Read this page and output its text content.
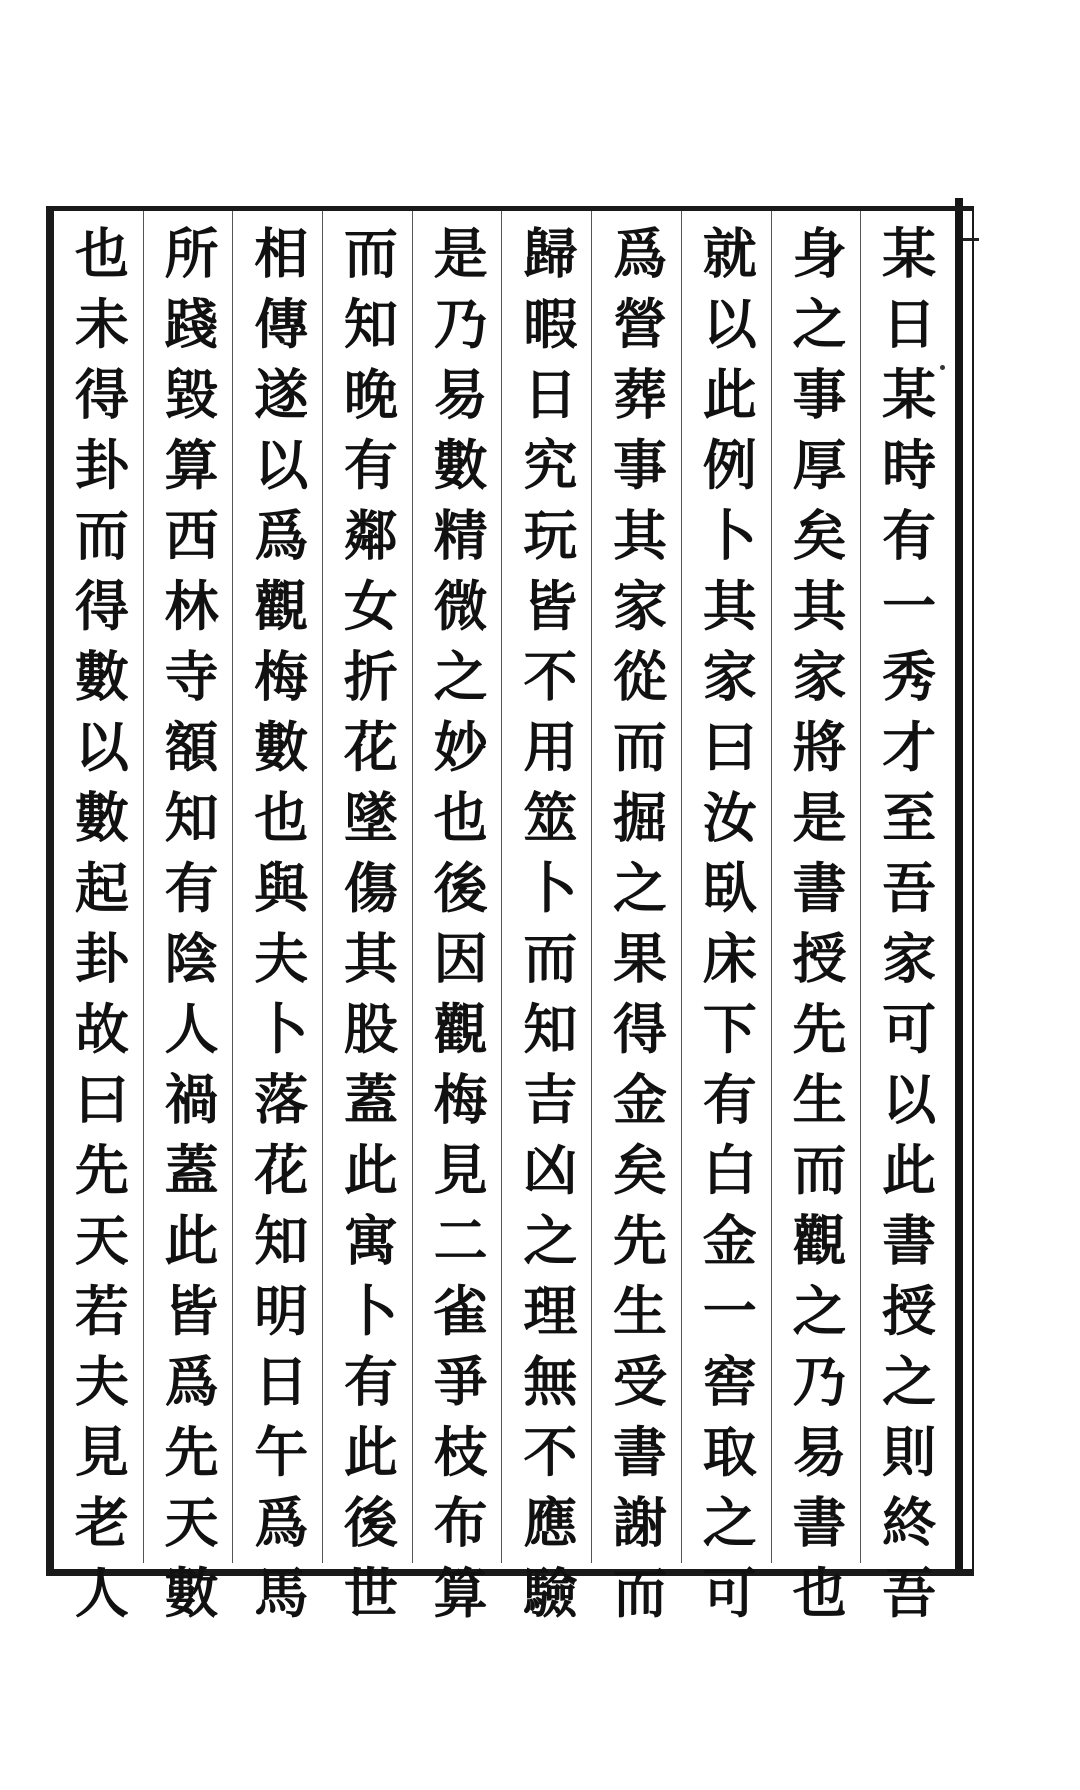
某日某時有一秀才至吾家可以此書授之則終吾
身之事厚矣其家將是書授先生而觀之乃易書也
就以此例卜其家曰汝臥床下有白金一窖取之可
爲營葬事其家從而掘之果得金矣先生受書謝而
歸暇日究玩皆不用筮卜而知吉凶之理無不應驗
是乃易數精微之妙也後因觀梅見二雀爭枝布算
而知晚有鄰女折花墜傷其股蓋此寓卜有此後世
相傳遂以爲觀梅數也與夫卜落花知明日午爲馬
所踐毀算西林寺額知有陰人禍蓋此皆爲先天數
也未得卦而得數以數起卦故曰先天若夫見老人
